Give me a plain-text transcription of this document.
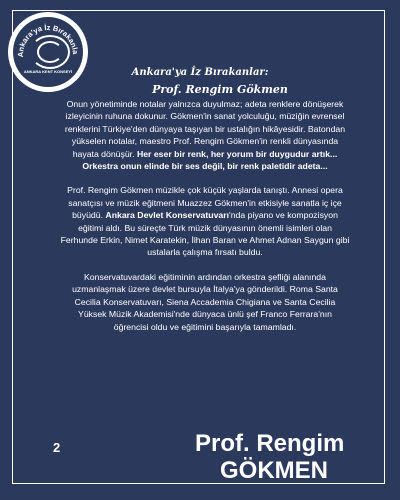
Ankara'ya İz Bırakanla
ANKARA KENT KONSEYİ	Ankara'ya İz Bırakanlar:
Prof. Rengim Gökmen

Onun yönetiminde notalar yalnızca duyulmaz; adeta renklere dönüşerek izleyicinin ruhuna dokunur. Gökmen'in sanat yolculuğu, müziğin evrensel renklerini Türkiye'den dünyaya taşıyan bir ustalığın hikâyesidir. Batondan yükselen notalar, maestro Prof. Rengim Gökmen'in renkli dünyasında hayata dönüşür. Her eser bir renk, her yorum bir duygudur artık... Orkestra onun elinde bir ses değil, bir renk paletidir adeta...

Prof. Rengim Gökmen müzikle çok küçük yaşlarda tanıştı. Annesi opera sanatçısı ve müzik eğitmeni Muazzez Gökmen'in etkisiyle sanatla iç içe büyüdü. Ankara Devlet Konservatuvarı'nda piyano ve kompozisyon eğitimi aldı. Bu süreçte Türk müzik dünyasının önemli isimleri olan Ferhunde Erkin, Nimet Karatekin, İlhan Baran ve Ahmet Adnan Saygun gibi ustalarla çalışma fırsatı buldu.

Konservatuvardaki eğitiminin ardından orkestra şefliği alanında uzmanlaşmak üzere devlet bursuyla İtalya'ya gönderildi. Roma Santa Cecilia Konservatuvarı, Siena Accademia Chigiana ve Santa Cecilia Yüksek Müzik Akademisi'nde dünyaca ünlü şef Franco Ferrara'nın öğrencisi oldu ve eğitimini başarıyla tamamladı.

2	Prof. Rengim
GÖKMEN
